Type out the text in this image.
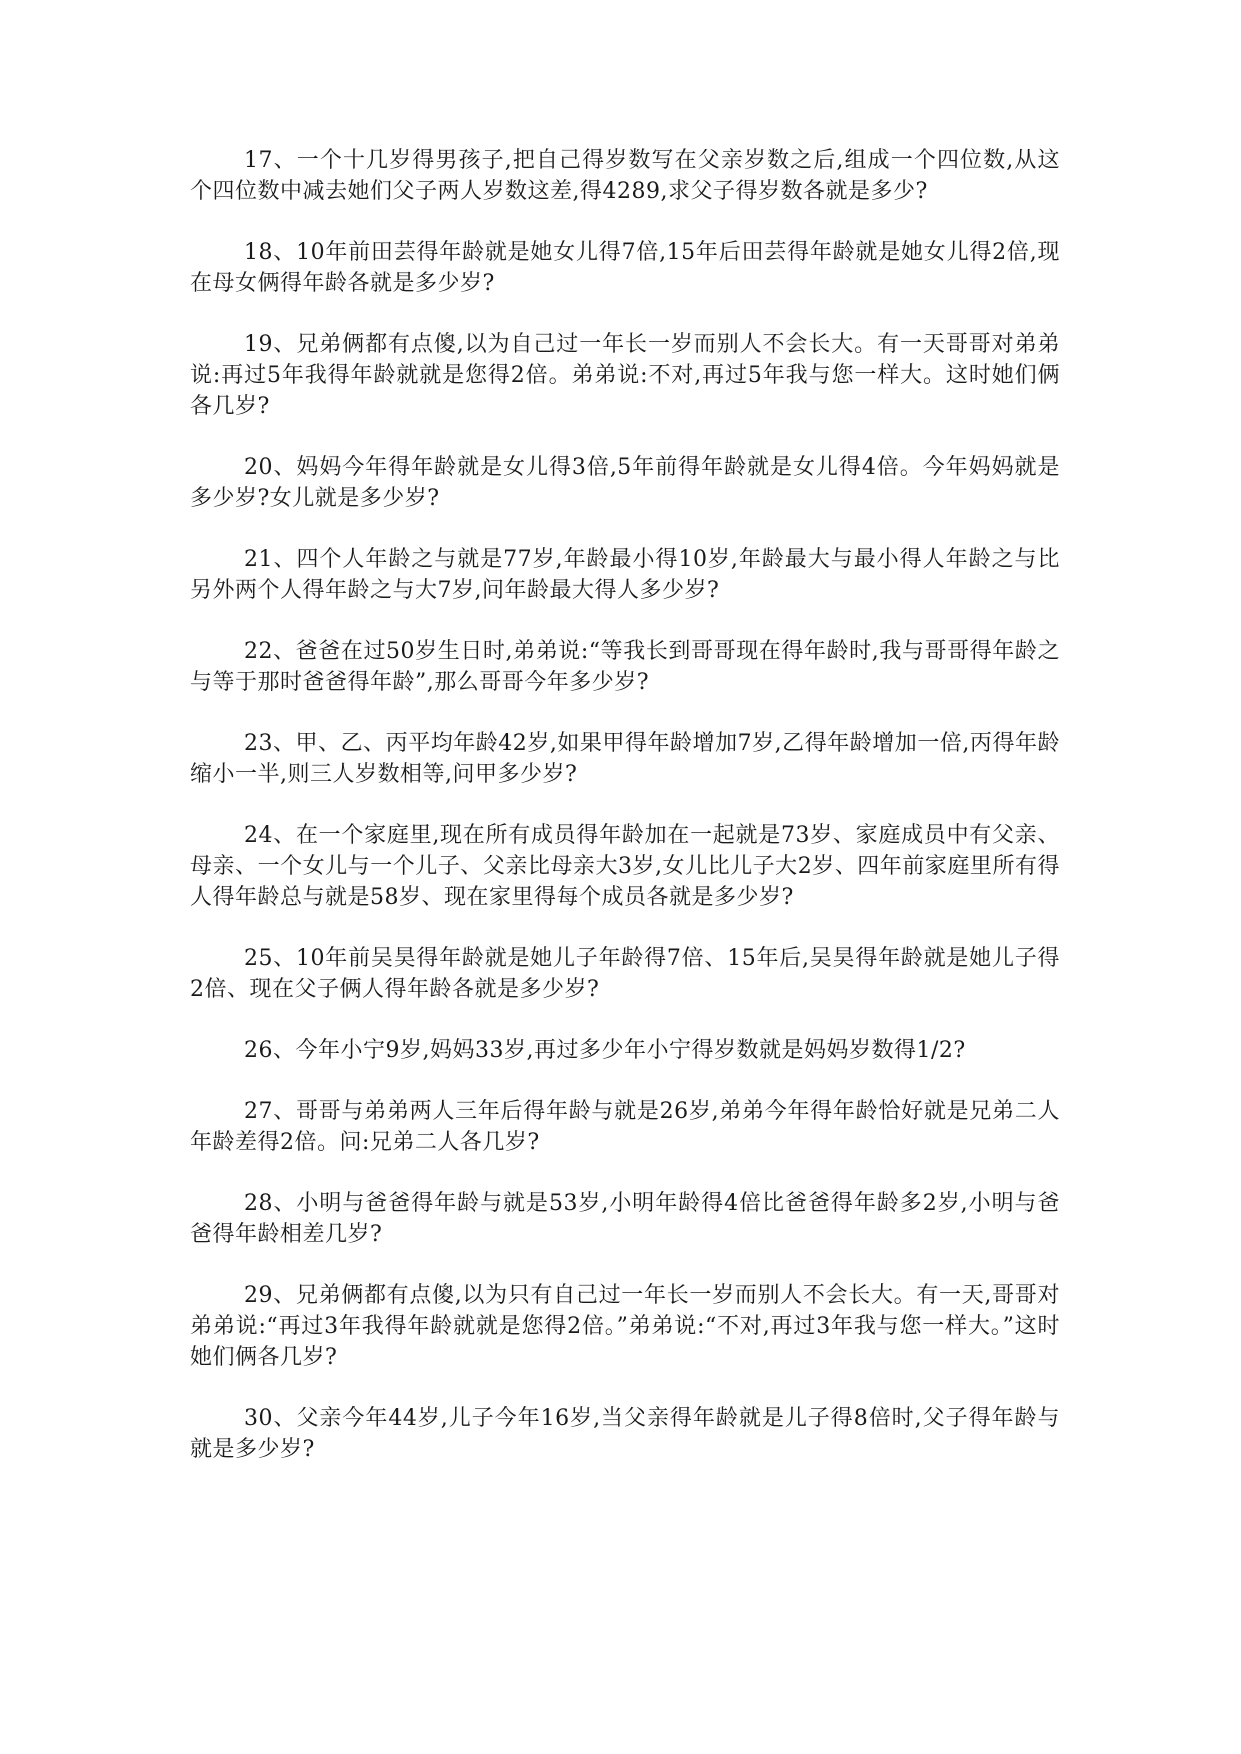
17、一个十几岁得男孩子,把自己得岁数写在父亲岁数之后,组成一个四位数,从这个四位数中减去她们父子两人岁数这差,得4289,求父子得岁数各就是多少?

18、10年前田芸得年龄就是她女儿得7倍,15年后田芸得年龄就是她女儿得2倍,现在母女俩得年龄各就是多少岁?

19、兄弟俩都有点傻,以为自己过一年长一岁而别人不会长大。有一天哥哥对弟弟说:再过5年我得年龄就就是您得2倍。弟弟说:不对,再过5年我与您一样大。这时她们俩各几岁?

20、妈妈今年得年龄就是女儿得3倍,5年前得年龄就是女儿得4倍。今年妈妈就是多少岁?女儿就是多少岁?

21、四个人年龄之与就是77岁,年龄最小得10岁,年龄最大与最小得人年龄之与比另外两个人得年龄之与大7岁,问年龄最大得人多少岁?

22、爸爸在过50岁生日时,弟弟说:“等我长到哥哥现在得年龄时,我与哥哥得年龄之与等于那时爸爸得年龄”,那么哥哥今年多少岁?

23、甲、乙、丙平均年龄42岁,如果甲得年龄增加7岁,乙得年龄增加一倍,丙得年龄缩小一半,则三人岁数相等,问甲多少岁?

24、在一个家庭里,现在所有成员得年龄加在一起就是73岁、家庭成员中有父亲、母亲、一个女儿与一个儿子、父亲比母亲大3岁,女儿比儿子大2岁、四年前家庭里所有得人得年龄总与就是58岁、现在家里得每个成员各就是多少岁?

25、10年前吴昊得年龄就是她儿子年龄得7倍、15年后,吴昊得年龄就是她儿子得2倍、现在父子俩人得年龄各就是多少岁?

26、今年小宁9岁,妈妈33岁,再过多少年小宁得岁数就是妈妈岁数得1/2?

27、哥哥与弟弟两人三年后得年龄与就是26岁,弟弟今年得年龄恰好就是兄弟二人年龄差得2倍。问:兄弟二人各几岁?

28、小明与爸爸得年龄与就是53岁,小明年龄得4倍比爸爸得年龄多2岁,小明与爸爸得年龄相差几岁?

29、兄弟俩都有点傻,以为只有自己过一年长一岁而别人不会长大。有一天,哥哥对弟弟说:“再过3年我得年龄就就是您得2倍。”弟弟说:“不对,再过3年我与您一样大。”这时她们俩各几岁?

30、父亲今年44岁,儿子今年16岁,当父亲得年龄就是儿子得8倍时,父子得年龄与就是多少岁?
